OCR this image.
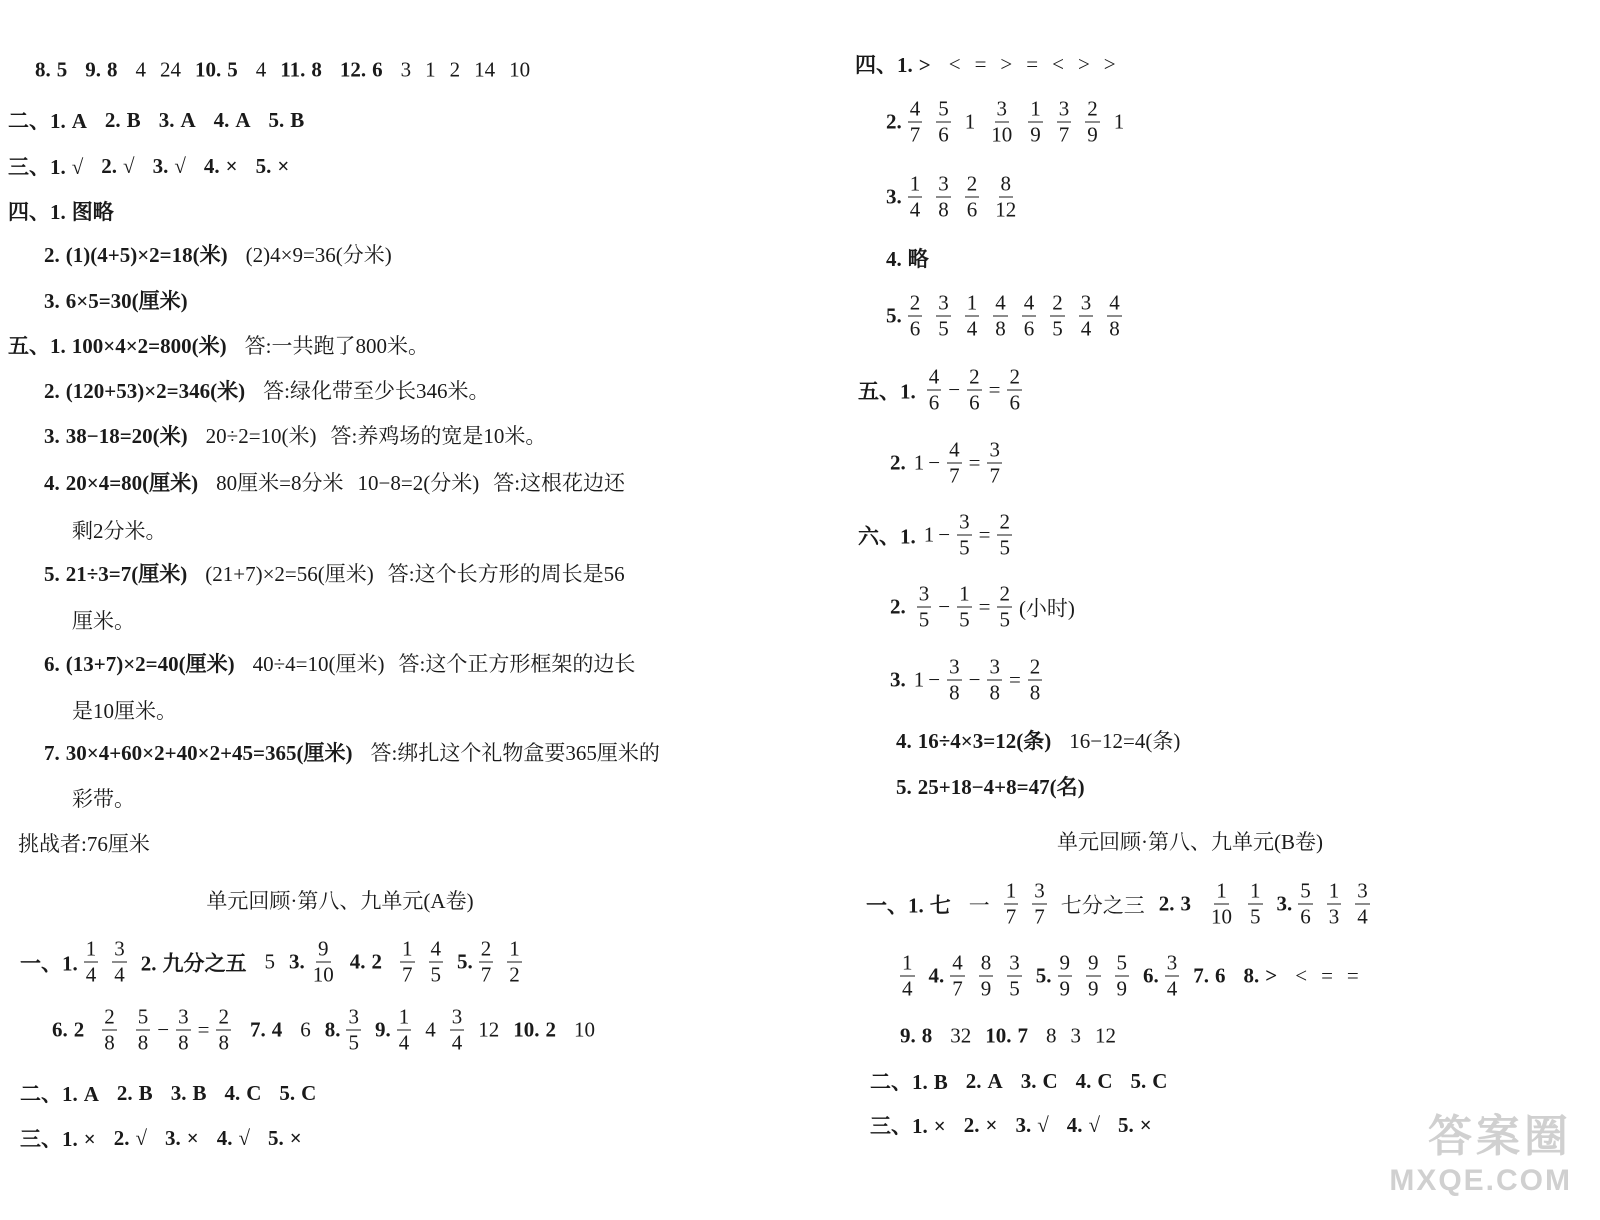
8. 5 9. 8 4 24 10. 5 4 11. 8 12. 6 3 1 2 14 10
二、1. A 2. B 3. A 4. A 5. B
三、1. √ 2. √ 3. √ 4. × 5. ×
四、1. 图略
2. (1)(4+5)×2=18(米) (2)4×9=36(分米)
3. 6×5=30(厘米)
五、1. 100×4×2=800(米) 答:一共跑了800米。
2. (120+53)×2=346(米) 答:绿化带至少长346米。
3. 38−18=20(米) 20÷2=10(米) 答:养鸡场的宽是10米。
4. 20×4=80(厘米) 80厘米=8分米 10−8=2(分米) 答:这根花边还
剩2分米。
5. 21÷3=7(厘米) (21+7)×2=56(厘米) 答:这个长方形的周长是56
厘米。
6. (13+7)×2=40(厘米) 40÷4=10(厘米) 答:这个正方形框架的边长
是10厘米。
7. 30×4+60×2+40×2+45=365(厘米) 答:绑扎这个礼物盒要365厘米的
彩带。
挑战者:76厘米
一、1. $\frac{1}{4} \frac{3}{4} 2$. 九分之五 5 3. $\frac{9}{10} 4$. $2 \frac{1}{7} \frac{4}{5} 5$. $\frac{2}{7} \frac{1}{2}$
6. $2 \frac{2}{8} \frac{5}{8} - \frac{3}{8} = \frac{2}{8} 7$. 4 6 8. $\frac{3}{5} 9$. $\frac{1}{4} 4 \frac{3}{4} 12$ 10. 2 10
二、1. A 2. B 3. B 4. C 5. C
三、1. × 2. √ 3. × 4. √ 5. ×
单元回顾·第八、九单元(A卷)
四、1. > < = > = < > >
2. $\frac{4}{7} \frac{5}{6} 1 \frac{3}{10} \frac{1}{9} \frac{3}{7} \frac{2}{9} 1$
3. $\frac{1}{4} \frac{3}{8} \frac{2}{6} \frac{8}{12}$
4. 略
5. $\frac{2}{6} \frac{3}{5} \frac{1}{4} \frac{4}{8} \frac{4}{6} \frac{2}{5} \frac{3}{4} \frac{4}{8}$
五、1. $\frac{4}{6} - \frac{2}{6} = \frac{2}{6}$
2. $1 - \frac{4}{7} = \frac{3}{7}$
六、1. $1 - \frac{3}{5} = \frac{2}{5}$
2. $\frac{3}{5} - \frac{1}{5} = \frac{2}{5}$ (小时)
3. $1 - \frac{3}{8} - \frac{3}{8} = \frac{2}{8}$
4. 16÷4×3=12(条) 16−12=4(条)
5. 25+18−4+8=47(名)
一、1. 七 一 $\frac{1}{7} \frac{3}{7}$ 七分之三 2. $3 \frac{1}{10} \frac{1}{5} 3$. $\frac{5}{6} \frac{1}{3} \frac{3}{4}$
$\frac{1}{4} 4$. $\frac{4}{7} \frac{8}{9} \frac{3}{5} 5$. $\frac{9}{9} \frac{9}{9} \frac{5}{9} 6$. $\frac{3}{4} 7$. 6 8. > < = =
9. 8 32 10. 7 8 3 12
二、1. B 2. A 3. C 4. C 5. C
三、1. × 2. × 3. √ 4. √ 5. ×
单元回顾·第八、九单元(B卷)
答案圈
MXQE.COM
